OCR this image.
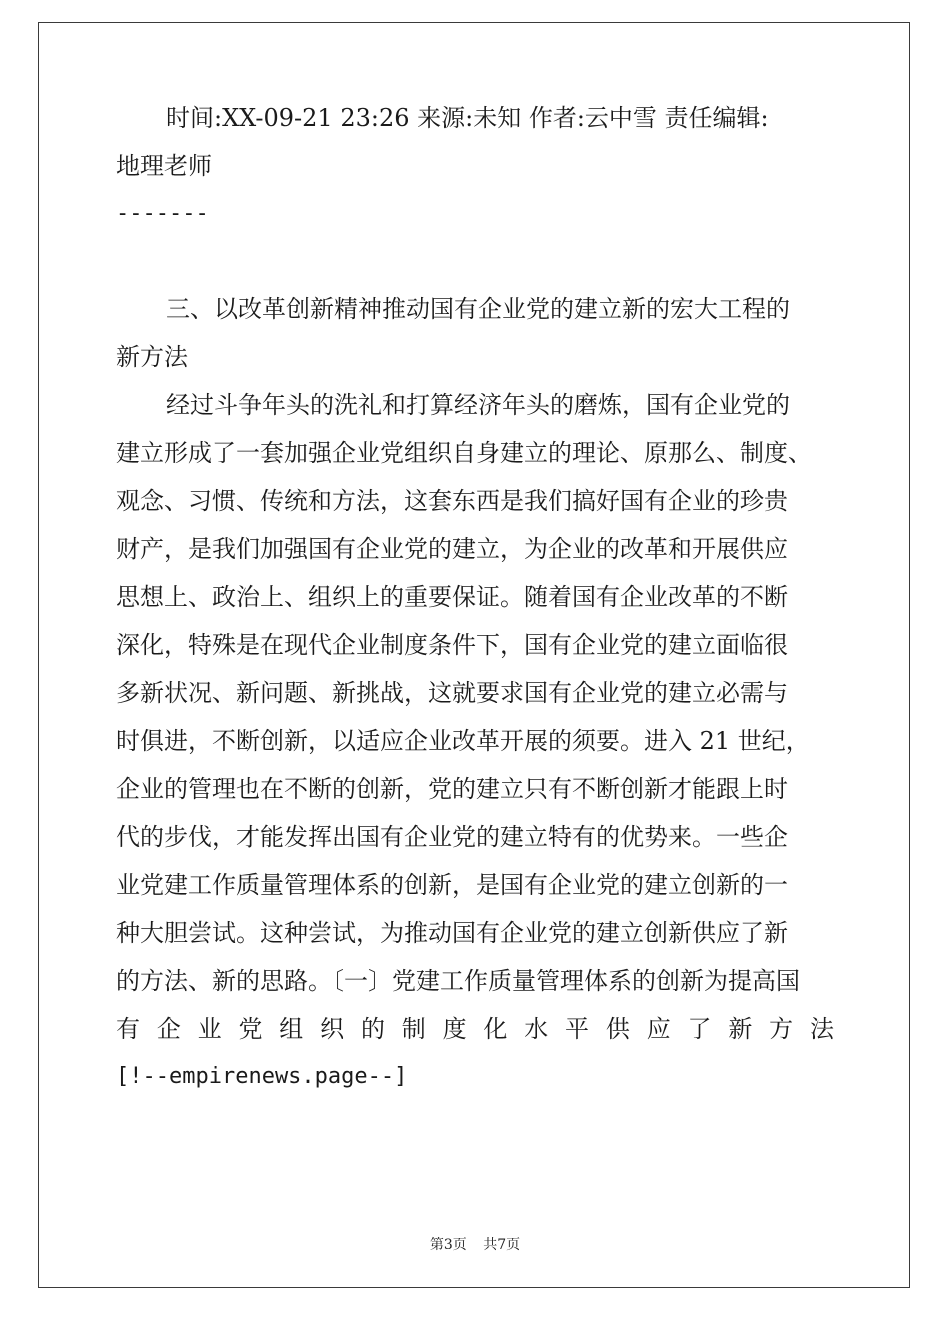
时间:XX-09-21 23:26 来源:未知 作者:云中雪 责任编辑:
地理老师
-------
三、以改革创新精神推动国有企业党的建立新的宏大工程的
新方法
经过斗争年头的洗礼和打算经济年头的磨炼，国有企业党的
建立形成了一套加强企业党组织自身建立的理论、原那么、制度、
观念、习惯、传统和方法，这套东西是我们搞好国有企业的珍贵
财产，是我们加强国有企业党的建立，为企业的改革和开展供应
思想上、政治上、组织上的重要保证。随着国有企业改革的不断
深化，特殊是在现代企业制度条件下，国有企业党的建立面临很
多新状况、新问题、新挑战，这就要求国有企业党的建立必需与
时俱进，不断创新，以适应企业改革开展的须要。进入 21 世纪，
企业的管理也在不断的创新，党的建立只有不断创新才能跟上时
代的步伐，才能发挥出国有企业党的建立特有的优势来。一些企
业党建工作质量管理体系的创新，是国有企业党的建立创新的一
种大胆尝试。这种尝试，为推动国有企业党的建立创新供应了新
的方法、新的思路。〔一〕党建工作质量管理体系的创新为提高国
有企业党组织的制度化水平供应了新方法
[!--empirenews.page--]
第3页 共7页
